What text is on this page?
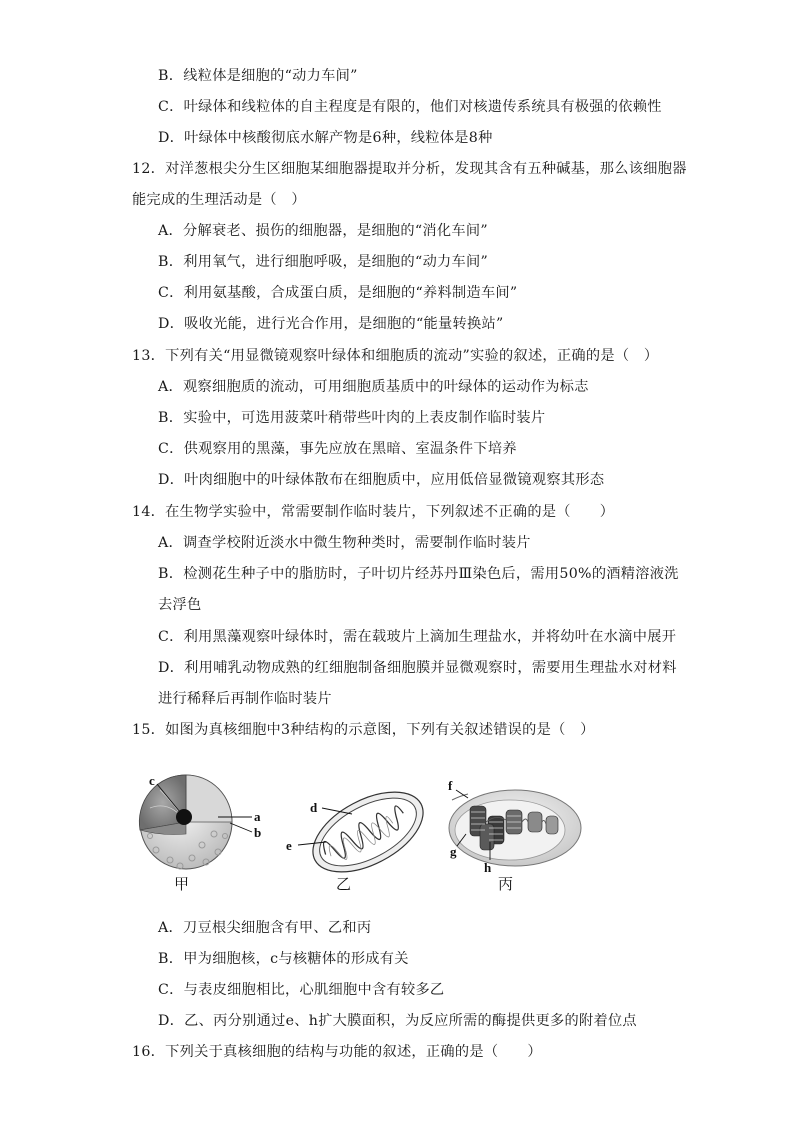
B．线粒体是细胞的“动力车间”
C．叶绿体和线粒体的自主程度是有限的，他们对核遗传系统具有极强的依赖性
D．叶绿体中核酸彻底水解产物是6种，线粒体是8种
12．对洋葱根尖分生区细胞某细胞器提取并分析，发现其含有五种碱基，那么该细胞器
能完成的生理活动是（　）
A．分解衰老、损伤的细胞器，是细胞的“消化车间”
B．利用氧气，进行细胞呼吸，是细胞的“动力车间”
C．利用氨基酸，合成蛋白质，是细胞的“养料制造车间”
D．吸收光能，进行光合作用，是细胞的“能量转换站”
13．下列有关“用显微镜观察叶绿体和细胞质的流动”实验的叙述，正确的是（　）
A．观察细胞质的流动，可用细胞质基质中的叶绿体的运动作为标志
B．实验中，可选用菠菜叶稍带些叶肉的上表皮制作临时装片
C．供观察用的黑藻，事先应放在黑暗、室温条件下培养
D．叶肉细胞中的叶绿体散布在细胞质中，应用低倍显微镜观察其形态
14．在生物学实验中，常需要制作临时装片，下列叙述不正确的是（　　）
A．调查学校附近淡水中微生物种类时，需要制作临时装片
B．检测花生种子中的脂肪时，子叶切片经苏丹Ⅲ染色后，需用50%的酒精溶液洗
去浮色
C．利用黑藻观察叶绿体时，需在载玻片上滴加生理盐水，并将幼叶在水滴中展开
D．利用哺乳动物成熟的红细胞制备细胞膜并显微观察时，需要用生理盐水对材料
进行稀释后再制作临时装片
15．如图为真核细胞中3种结构的示意图，下列有关叙述错误的是（　）
c
a
b
甲
d
e
乙
f
g
h
丙
A．刀豆根尖细胞含有甲、乙和丙
B．甲为细胞核，c与核糖体的形成有关
C．与表皮细胞相比，心肌细胞中含有较多乙
D．乙、丙分别通过e、h扩大膜面积，为反应所需的酶提供更多的附着位点
16．下列关于真核细胞的结构与功能的叙述，正确的是（　　）
